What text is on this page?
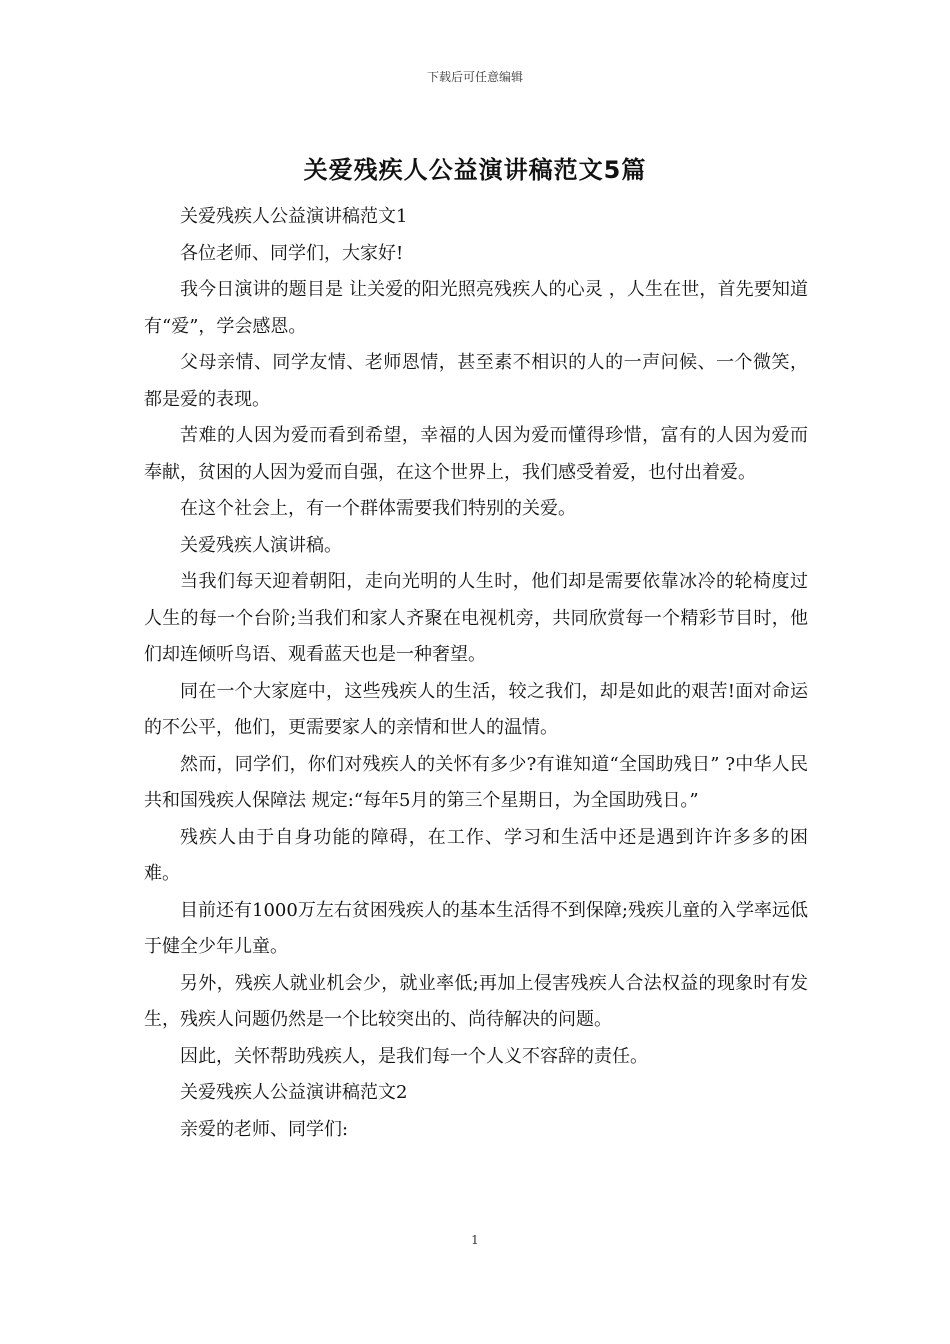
下载后可任意编辑
关爱残疾人公益演讲稿范文5篇

关爱残疾人公益演讲稿范文1

各位老师、同学们，大家好!

我今日演讲的题目是 让关爱的阳光照亮残疾人的心灵 ，人生在世，首先要知道有“爱”，学会感恩。

父母亲情、同学友情、老师恩情，甚至素不相识的人的一声问候、一个微笑，都是爱的表现。

苦难的人因为爱而看到希望，幸福的人因为爱而懂得珍惜，富有的人因为爱而奉献，贫困的人因为爱而自强，在这个世界上，我们感受着爱，也付出着爱。

在这个社会上，有一个群体需要我们特别的关爱。

关爱残疾人演讲稿。

当我们每天迎着朝阳，走向光明的人生时，他们却是需要依靠冰冷的轮椅度过人生的每一个台阶;当我们和家人齐聚在电视机旁，共同欣赏每一个精彩节目时，他们却连倾听鸟语、观看蓝天也是一种奢望。

同在一个大家庭中，这些残疾人的生活，较之我们，却是如此的艰苦!面对命运的不公平，他们，更需要家人的亲情和世人的温情。

然而，同学们，你们对残疾人的关怀有多少?有谁知道“全国助残日” ?中华人民共和国残疾人保障法 规定:“每年5月的第三个星期日，为全国助残日。”

残疾人由于自身功能的障碍，在工作、学习和生活中还是遇到许许多多的困难。

目前还有1000万左右贫困残疾人的基本生活得不到保障;残疾儿童的入学率远低于健全少年儿童。

另外，残疾人就业机会少，就业率低;再加上侵害残疾人合法权益的现象时有发生，残疾人问题仍然是一个比较突出的、尚待解决的问题。

因此，关怀帮助残疾人，是我们每一个人义不容辞的责任。

关爱残疾人公益演讲稿范文2

亲爱的老师、同学们:

1
